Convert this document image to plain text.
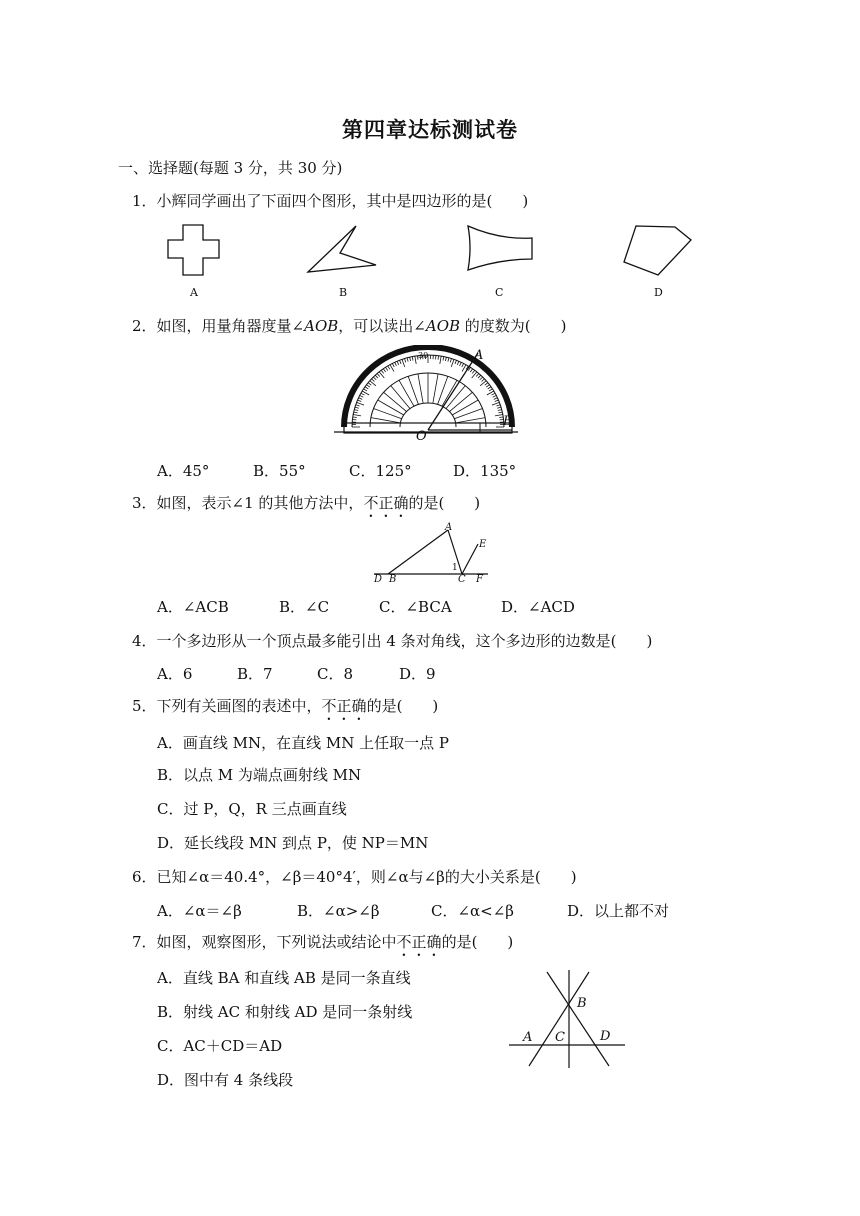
第四章达标测试卷
一、选择题(每题 3 分，共 30 分)
1．小辉同学画出了下面四个图形，其中是四边形的是(　　)
A	B	C	D
2．如图，用量角器度量∠AOB，可以读出∠AOB 的度数为(　　)
A
B
O
30
A．45°	B．55°	C．125°	D．135°
3．如图，表示∠1 的其他方法中，不正确的是(　　)
A
E
1
D B	C F
A．∠ACB	B．∠C	C．∠BCA	D．∠ACD
4．一个多边形从一个顶点最多能引出 4 条对角线，这个多边形的边数是(　　)
A．6	B．7	C．8	D．9
5．下列有关画图的表述中，不正确的是(　　)
A．画直线 MN，在直线 MN 上任取一点 P
B．以点 M 为端点画射线 MN
C．过 P，Q，R 三点画直线
D．延长线段 MN 到点 P，使 NP＝MN
6．已知∠α＝40.4°，∠β＝40°4′，则∠α与∠β的大小关系是(　　)
A．∠α＝∠β	B．∠α>∠β	C．∠α<∠β	D．以上都不对
7．如图，观察图形，下列说法或结论中不正确的是(　　)
A．直线 BA 和直线 AB 是同一条直线
B．射线 AC 和射线 AD 是同一条射线
C．AC＋CD＝AD
D．图中有 4 条线段
B
A C	D
